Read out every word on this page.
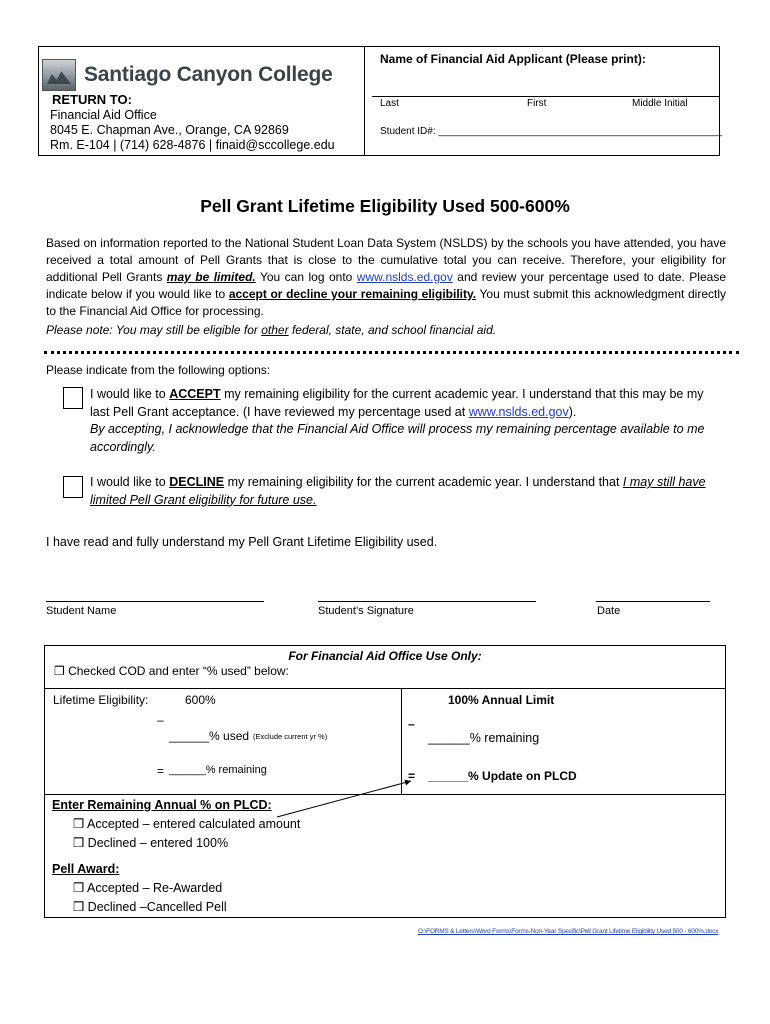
Santiago Canyon College
RETURN TO:
Financial Aid Office
8045 E. Chapman Ave., Orange, CA 92869
Rm. E-104 | (714) 628-4876 | finaid@sccollege.edu
Name of Financial Aid Applicant (Please print):
Last	First	Middle Initial
Student ID#: ___________________________________________________
Pell Grant Lifetime Eligibility Used 500-600%
Based on information reported to the National Student Loan Data System (NSLDS) by the schools you have attended, you have received a total amount of Pell Grants that is close to the cumulative total you can receive. Therefore, your eligibility for additional Pell Grants may be limited. You can log onto www.nslds.ed.gov and review your percentage used to date. Please indicate below if you would like to accept or decline your remaining eligibility. You must submit this acknowledgment directly to the Financial Aid Office for processing.
Please note: You may still be eligible for other federal, state, and school financial aid.
Please indicate from the following options:
I would like to ACCEPT my remaining eligibility for the current academic year. I understand that this may be my last Pell Grant acceptance. (I have reviewed my percentage used at www.nslds.ed.gov).
By accepting, I acknowledge that the Financial Aid Office will process my remaining percentage available to me accordingly.
I would like to DECLINE my remaining eligibility for the current academic year. I understand that I may still have limited Pell Grant eligibility for future use.
I have read and fully understand my Pell Grant Lifetime Eligibility used.
Student Name	Student’s Signature	Date
For Financial Aid Office Use Only:
❒ Checked COD and enter “% used” below:

Lifetime Eligibility:	600%
–
______% used (Exclude current yr %)
= ______% remaining

100% Annual Limit
–
______% remaining
= ______% Update on PLCD

Enter Remaining Annual % on PLCD:
❒ Accepted – entered calculated amount
❒ Declined – entered 100%
Pell Award:
❒ Accepted – Re-Awarded
❒ Declined –Cancelled Pell
O:\FORMS & Letters\Word Forms\Forms-Non-Year Specific\Pell Grant Lifetime Eligibility Used 500 - 600%.docx
